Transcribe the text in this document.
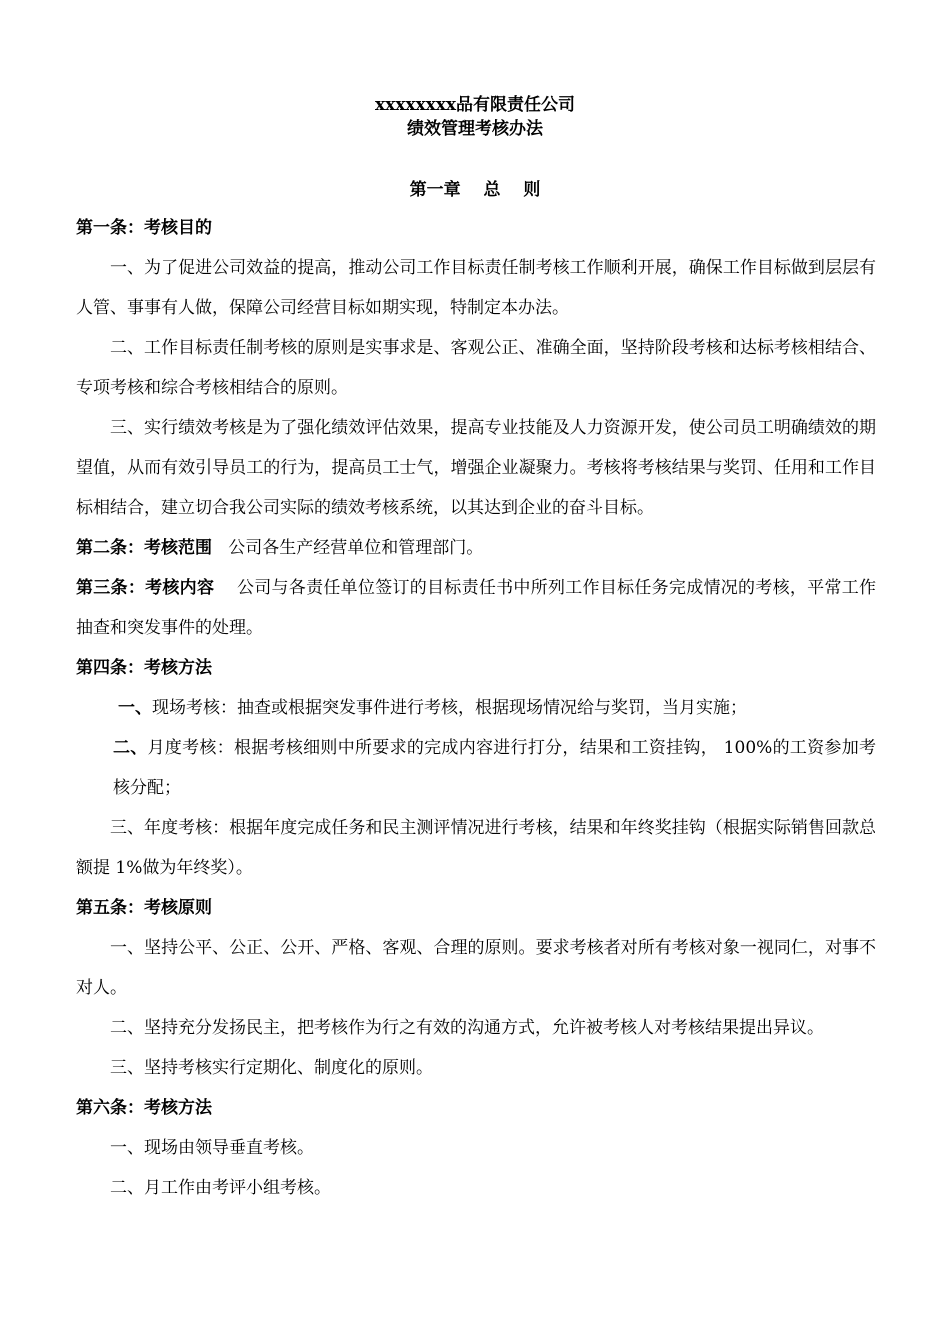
xxxxxxxx品有限责任公司
绩效管理考核办法
第一章　 总　 则

第一条：考核目的

一、为了促进公司效益的提高，推动公司工作目标责任制考核工作顺利开展，确保工作目标做到层层有人管、事事有人做，保障公司经营目标如期实现，特制定本办法。

二、工作目标责任制考核的原则是实事求是、客观公正、准确全面，坚持阶段考核和达标考核相结合、专项考核和综合考核相结合的原则。

三、实行绩效考核是为了强化绩效评估效果，提高专业技能及人力资源开发，使公司员工明确绩效的期望值，从而有效引导员工的行为，提高员工士气，增强企业凝聚力。考核将考核结果与奖罚、任用和工作目标相结合，建立切合我公司实际的绩效考核系统，以其达到企业的奋斗目标。

第二条：考核范围 公司各生产经营单位和管理部门。

第三条：考核内容 公司与各责任单位签订的目标责任书中所列工作目标任务完成情况的考核，平常工作抽查和突发事件的处理。

第四条：考核方法

一、现场考核：抽查或根据突发事件进行考核，根据现场情况给与奖罚，当月实施；

二、月度考核：根据考核细则中所要求的完成内容进行打分，结果和工资挂钩， 100%的工资参加考核分配；

三、年度考核：根据年度完成任务和民主测评情况进行考核，结果和年终奖挂钩（根据实际销售回款总额提 1%做为年终奖）。

第五条：考核原则

一、坚持公平、公正、公开、严格、客观、合理的原则。要求考核者对所有考核对象一视同仁，对事不对人。

二、坚持充分发扬民主，把考核作为行之有效的沟通方式，允许被考核人对考核结果提出异议。

三、坚持考核实行定期化、制度化的原则。

第六条：考核方法

一、现场由领导垂直考核。

二、月工作由考评小组考核。
